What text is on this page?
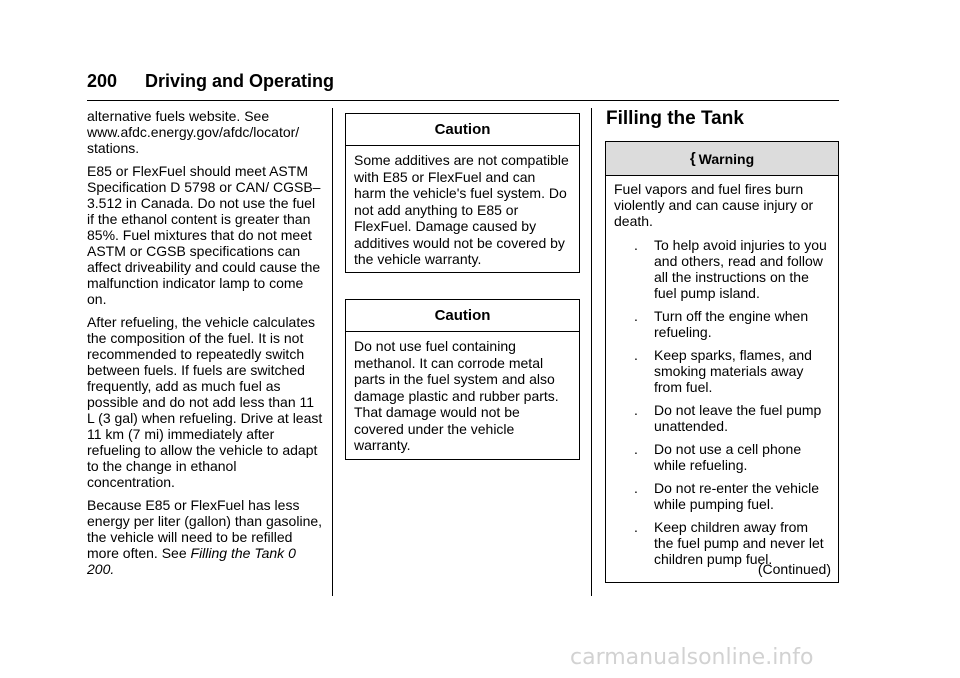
200 Driving and Operating

alternative fuels website. See www.afdc.energy.gov/afdc/locator/ stations.

E85 or FlexFuel should meet ASTM Specification D 5798 or CAN/ CGSB–3.512 in Canada. Do not use the fuel if the ethanol content is greater than 85%. Fuel mixtures that do not meet ASTM or CGSB specifications can affect driveability and could cause the malfunction indicator lamp to come on.

After refueling, the vehicle calculates the composition of the fuel. It is not recommended to repeatedly switch between fuels. If fuels are switched frequently, add as much fuel as possible and do not add less than 11 L (3 gal) when refueling. Drive at least 11 km (7 mi) immediately after refueling to allow the vehicle to adapt to the change in ethanol concentration.

Because E85 or FlexFuel has less energy per liter (gallon) than gasoline, the vehicle will need to be refilled more often. See Filling the Tank 0 200.

Caution
Some additives are not compatible with E85 or FlexFuel and can harm the vehicle's fuel system. Do not add anything to E85 or FlexFuel. Damage caused by additives would not be covered by the vehicle warranty.
Caution
Do not use fuel containing methanol. It can corrode metal parts in the fuel system and also damage plastic and rubber parts. That damage would not be covered under the vehicle warranty.
Filling the Tank
{ Warning

Fuel vapors and fuel fires burn violently and can cause injury or death.

. To help avoid injuries to you and others, read and follow all the instructions on the fuel pump island.
. Turn off the engine when refueling.
. Keep sparks, flames, and smoking materials away from fuel.
. Do not leave the fuel pump unattended.
. Do not use a cell phone while refueling.
. Do not re-enter the vehicle while pumping fuel.
. Keep children away from the fuel pump and never let children pump fuel.
(Continued)
carmanualsonline.info
